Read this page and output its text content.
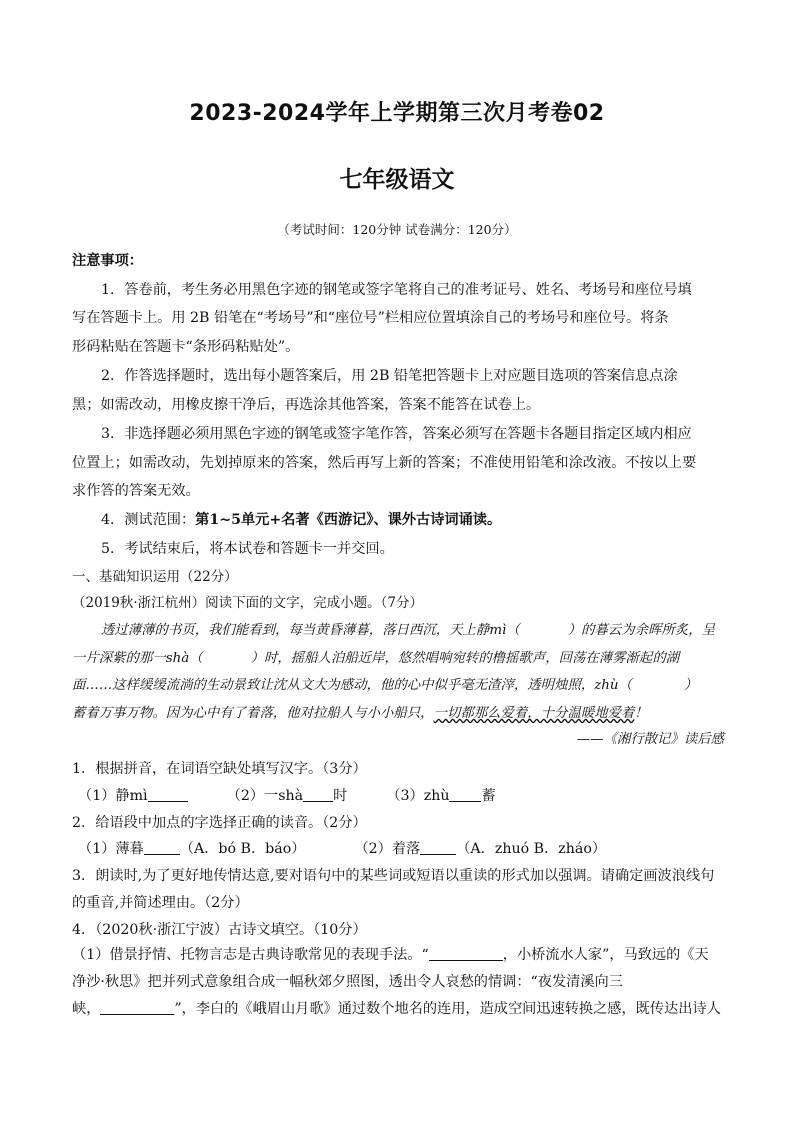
2023-2024学年上学期第三次月考卷02
七年级语文
（考试时间：120分钟 试卷满分：120分）
注意事项：
1．答卷前，考生务必用黑色字迹的钢笔或签字笔将自己的准考证号、姓名、考场号和座位号填
写在答题卡上。用 2B 铅笔在“考场号”和“座位号”栏相应位置填涂自己的考场号和座位号。将条
形码粘贴在答题卡“条形码粘贴处”。
2．作答选择题时，选出每小题答案后，用 2B 铅笔把答题卡上对应题目选项的答案信息点涂
黑；如需改动，用橡皮擦干净后，再选涂其他答案，答案不能答在试卷上。
3．非选择题必须用黑色字迹的钢笔或签字笔作答，答案必须写在答题卡各题目指定区域内相应
位置上；如需改动，先划掉原来的答案，然后再写上新的答案；不准使用铅笔和涂改液。不按以上要
求作答的答案无效。
4．测试范围：第1~5单元+名著《西游记》、课外古诗词诵读。
5．考试结束后，将本试卷和答题卡一并交回。
一、基础知识运用（22分）
（2019秋·浙江杭州）阅读下面的文字，完成小题。（7分）
透过薄薄的书页，我们能看到，每当黄昏薄暮，落日西沉，天上静mì（	）的暮云为余晖所炙，呈
一片深紫的那一shà（	）时，摇船人泊船近岸，悠然唱响宛转的橹摇歌声，回荡在薄雾渐起的湖
面……这样缓缓流淌的生动景致让沈从文大为感动，他的心中似乎毫无渣滓，透明烛照，zhù（	）
蓄着万事万物。因为心中有了着落，他对拉船人与小小船只，一切都那么爱着，十分温暖地爱着！
——《湘行散记》读后感
1．根据拼音，在词语空缺处填写汉字。（3分）
（1）静mì	（2）一shà 时	（3）zhù 蓄
2．给语段中加点的字选择正确的读音。（2分）
（1）薄暮	（A．bó B．báo）	（2）着落	（A．zhuó B．zháo）
3．朗读时,为了更好地传情达意,要对语句中的某些词或短语以重读的形式加以强调。请确定画波浪线句
的重音,并简述理由。（2分）
4．（2020秋·浙江宁波）古诗文填空。（10分）
（1）借景抒情、托物言志是古典诗歌常见的表现手法。“	，小桥流水人家”，马致远的《天
净沙·秋思》把并列式意象组合成一幅秋郊夕照图，透出令人哀愁的情调：“夜发清溪向三
峡，	”，李白的《峨眉山月歌》通过数个地名的连用，造成空间迅速转换之感，既传达出诗人
